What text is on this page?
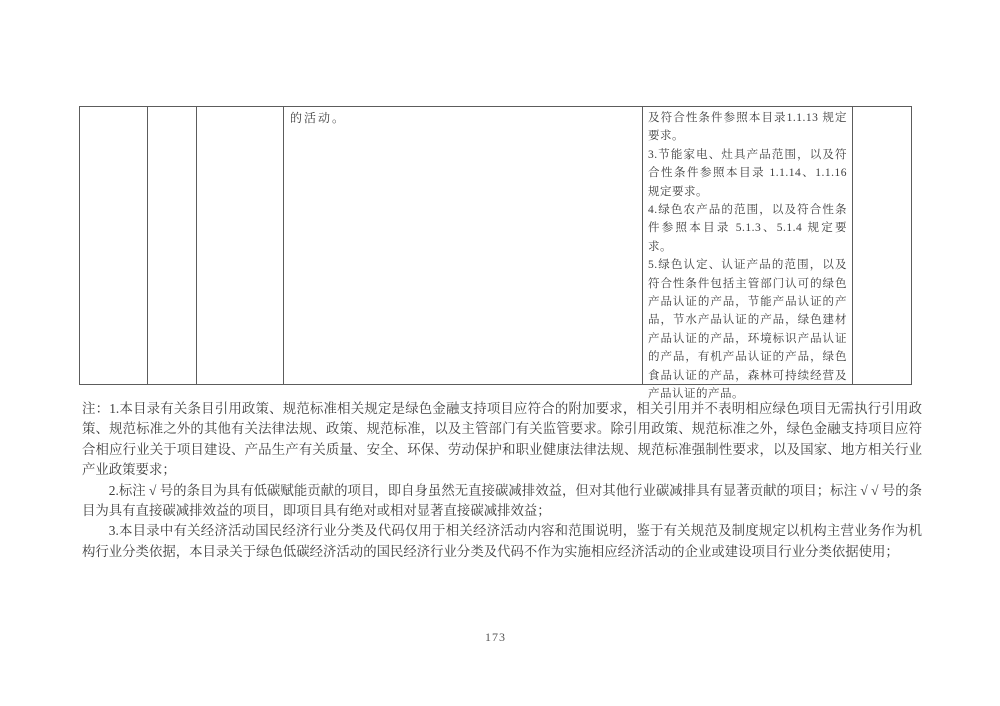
的活动。	及符合性条件参照本目录1.1.13 规定要求。
3.节能家电、灶具产品范围，以及符合性条件参照本目录 1.1.14、1.1.16 规定要求。
4.绿色农产品的范围，以及符合性条件参照本目录 5.1.3、5.1.4 规定要求。
5.绿色认定、认证产品的范围，以及符合性条件包括主管部门认可的绿色产品认证的产品，节能产品认证的产品，节水产品认证的产品，绿色建材产品认证的产品，环境标识产品认证的产品，有机产品认证的产品，绿色食品认证的产品，森林可持续经营及产品认证的产品。

注：1.本目录有关条目引用政策、规范标准相关规定是绿色金融支持项目应符合的附加要求，相关引用并不表明相应绿色项目无需执行引用政策、规范标准之外的其他有关法律法规、政策、规范标准，以及主管部门有关监管要求。除引用政策、规范标准之外，绿色金融支持项目应符合相应行业关于项目建设、产品生产有关质量、安全、环保、劳动保护和职业健康法律法规、规范标准强制性要求，以及国家、地方相关行业产业政策要求；

2.标注 √ 号的条目为具有低碳赋能贡献的项目，即自身虽然无直接碳减排效益，但对其他行业碳减排具有显著贡献的项目；标注 √ √ 号的条目为具有直接碳减排效益的项目，即项目具有绝对或相对显著直接碳减排效益；

3.本目录中有关经济活动国民经济行业分类及代码仅用于相关经济活动内容和范围说明，鉴于有关规范及制度规定以机构主营业务作为机构行业分类依据，本目录关于绿色低碳经济活动的国民经济行业分类及代码不作为实施相应经济活动的企业或建设项目行业分类依据使用；

173
